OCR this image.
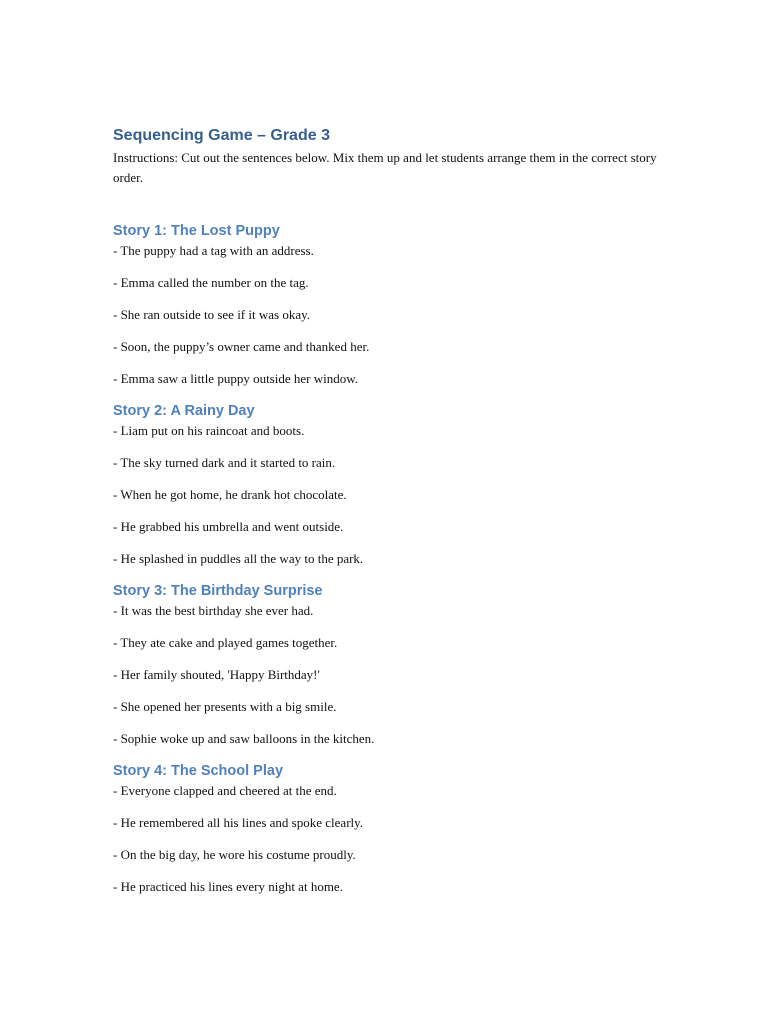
Sequencing Game – Grade 3

Instructions: Cut out the sentences below. Mix them up and let students arrange them in the correct story order.

Story 1: The Lost Puppy
- The puppy had a tag with an address.
- Emma called the number on the tag.
- She ran outside to see if it was okay.
- Soon, the puppy’s owner came and thanked her.
- Emma saw a little puppy outside her window.
Story 2: A Rainy Day
- Liam put on his raincoat and boots.
- The sky turned dark and it started to rain.
- When he got home, he drank hot chocolate.
- He grabbed his umbrella and went outside.
- He splashed in puddles all the way to the park.
Story 3: The Birthday Surprise
- It was the best birthday she ever had.
- They ate cake and played games together.
- Her family shouted, 'Happy Birthday!'
- She opened her presents with a big smile.
- Sophie woke up and saw balloons in the kitchen.
Story 4: The School Play
- Everyone clapped and cheered at the end.
- He remembered all his lines and spoke clearly.
- On the big day, he wore his costume proudly.
- He practiced his lines every night at home.
